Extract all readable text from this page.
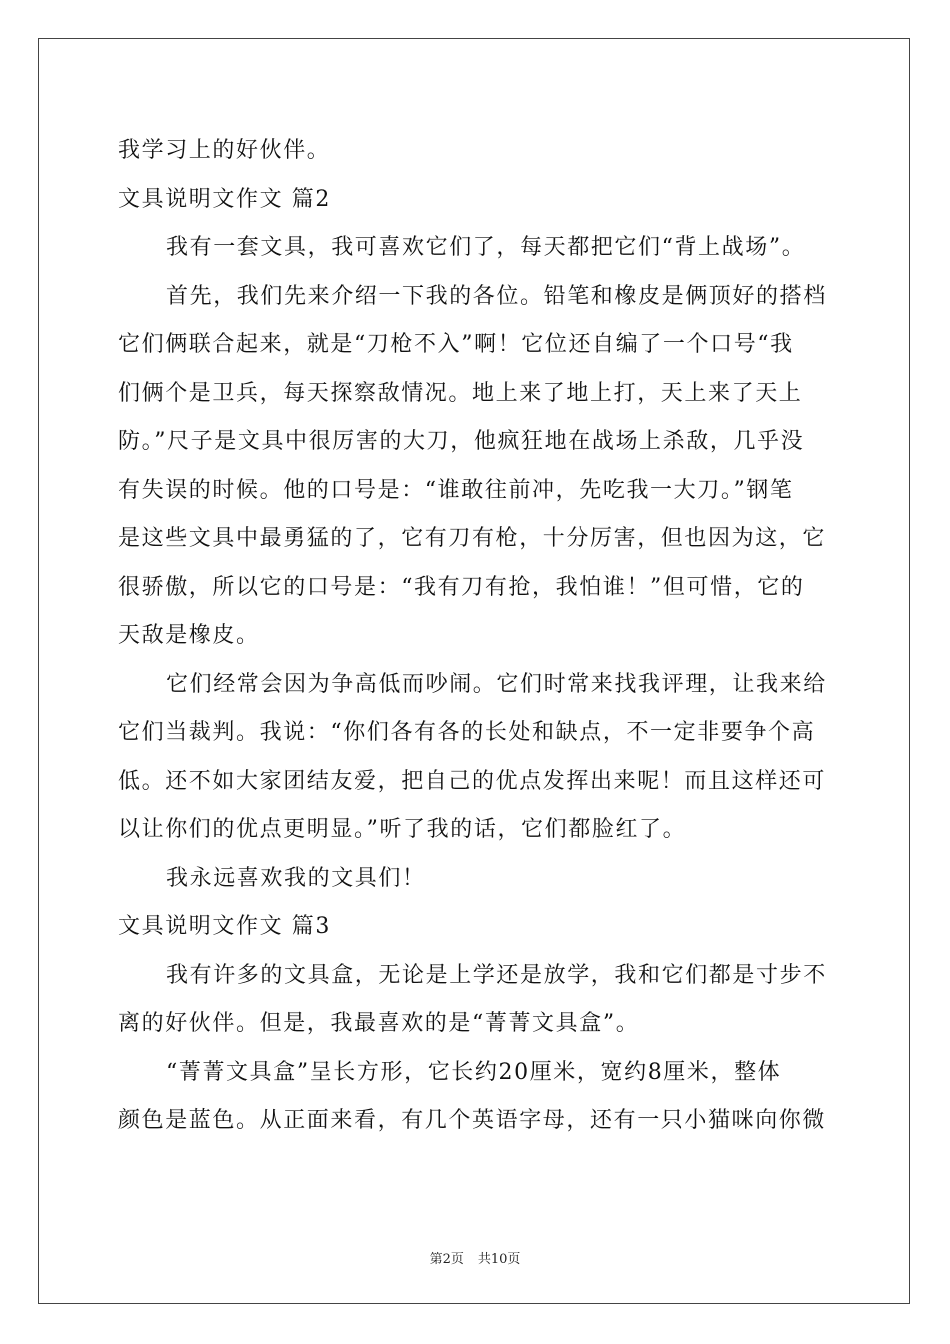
我学习上的好伙伴。
文具说明文作文 篇2
我有一套文具，我可喜欢它们了，每天都把它们“背上战场”。
首先，我们先来介绍一下我的各位。铅笔和橡皮是俩顶好的搭档
它们俩联合起来，就是“刀枪不入”啊！它位还自编了一个口号“我
们俩个是卫兵，每天探察敌情况。地上来了地上打，天上来了天上
防。”尺子是文具中很厉害的大刀，他疯狂地在战场上杀敌，几乎没
有失误的时候。他的口号是：“谁敢往前冲，先吃我一大刀。”钢笔
是这些文具中最勇猛的了，它有刀有枪，十分厉害，但也因为这，它
很骄傲，所以它的口号是：“我有刀有抢，我怕谁！”但可惜，它的
天敌是橡皮。
它们经常会因为争高低而吵闹。它们时常来找我评理，让我来给
它们当裁判。我说：“你们各有各的长处和缺点，不一定非要争个高
低。还不如大家团结友爱，把自己的优点发挥出来呢！而且这样还可
以让你们的优点更明显。”听了我的话，它们都脸红了。
我永远喜欢我的文具们！
文具说明文作文 篇3
我有许多的文具盒，无论是上学还是放学，我和它们都是寸步不
离的好伙伴。但是，我最喜欢的是“菁菁文具盒”。
“菁菁文具盒”呈长方形，它长约20厘米，宽约8厘米，整体
颜色是蓝色。从正面来看，有几个英语字母，还有一只小猫咪向你微
第2页 共10页
